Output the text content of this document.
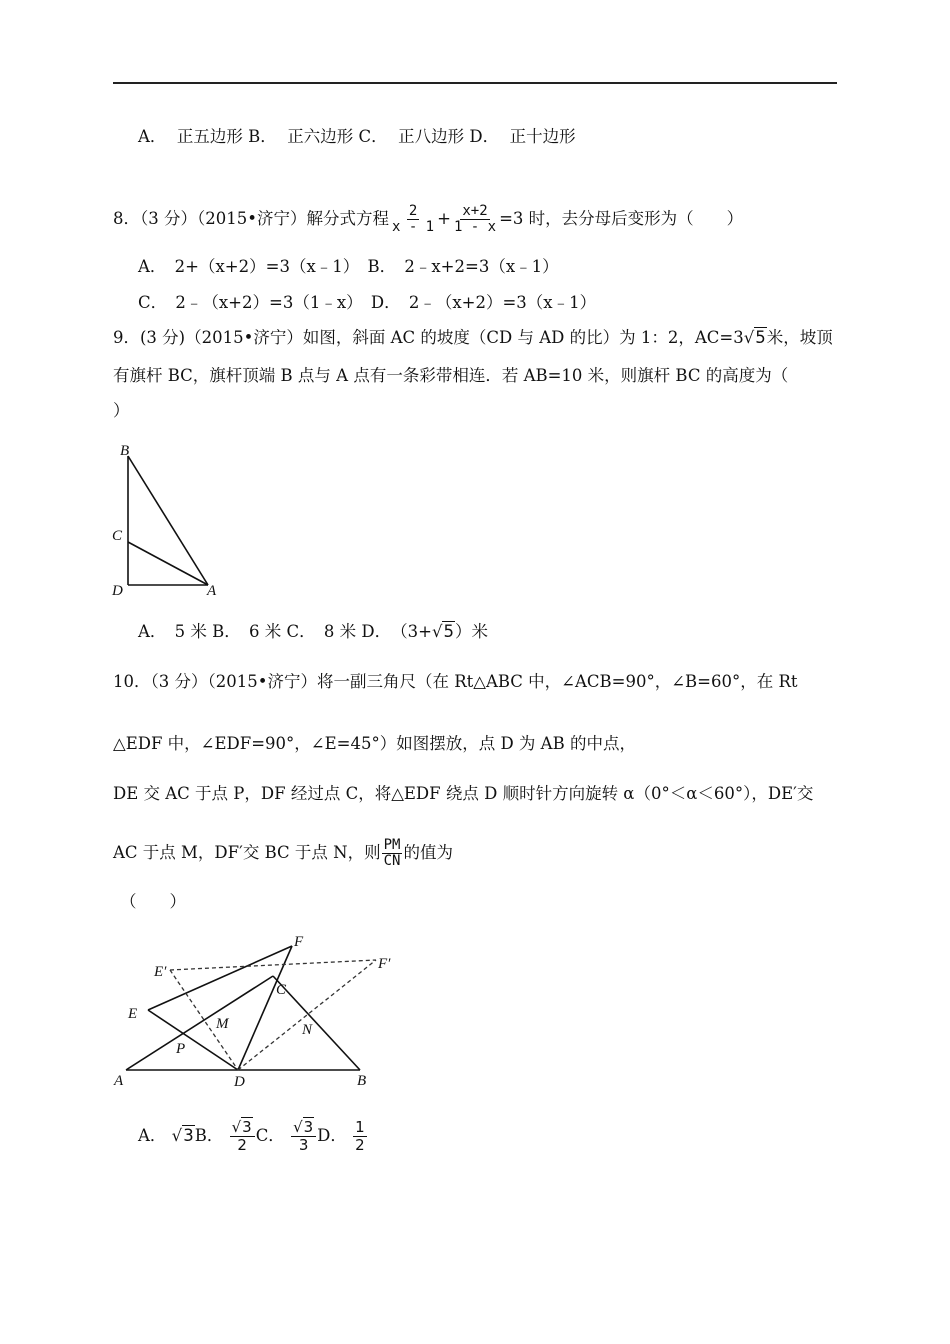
A． 正五边形 B． 正六边形 C． 正八边形 D． 正十边形
8．（3 分）（2015•济宁）解分式方程 $\frac{2}{x - 1} + \frac{x+2}{1 - x} =3$ 时，去分母后变形为（　　）
A．　2+（x+2）=3（x﹣1）　B．　2﹣x+2=3（x﹣1）
C．　2﹣（x+2）=3（1﹣x）　D．　2﹣（x+2）=3（x﹣1）
9．(3 分)（2015•济宁）如图，斜面 AC 的坡度（CD 与 AD 的比）为 1：2，AC=3√5米，坡顶
有旗杆 BC，旗杆顶端 B 点与 A 点有一条彩带相连．若 AB=10 米，则旗杆 BC 的高度为（
）
B
C
D	A
A．　5 米 B．　6 米 C．　8 米 D．　（3+√5）米
10．（3 分）（2015•济宁）将一副三角尺（在 Rt△ABC 中，∠ACB=90°，∠B=60°，在 Rt
△EDF 中，∠EDF=90°，∠E=45°）如图摆放，点 D 为 AB 的中点，
DE 交 AC 于点 P，DF 经过点 C，将△EDF 绕点 D 顺时针方向旋转 α（0°＜α＜60°），DE′交
AC 于点 M，DF′交 BC 于点 N，则 $\frac{PM}{CN}$ 的值为
（　　）
F
E′	F′
C
E
M	N
P
A	D	B
A． √3B． $\frac{√3}{2}$ C． $\frac{√3}{3}$ D． $\frac{1}{2}$
